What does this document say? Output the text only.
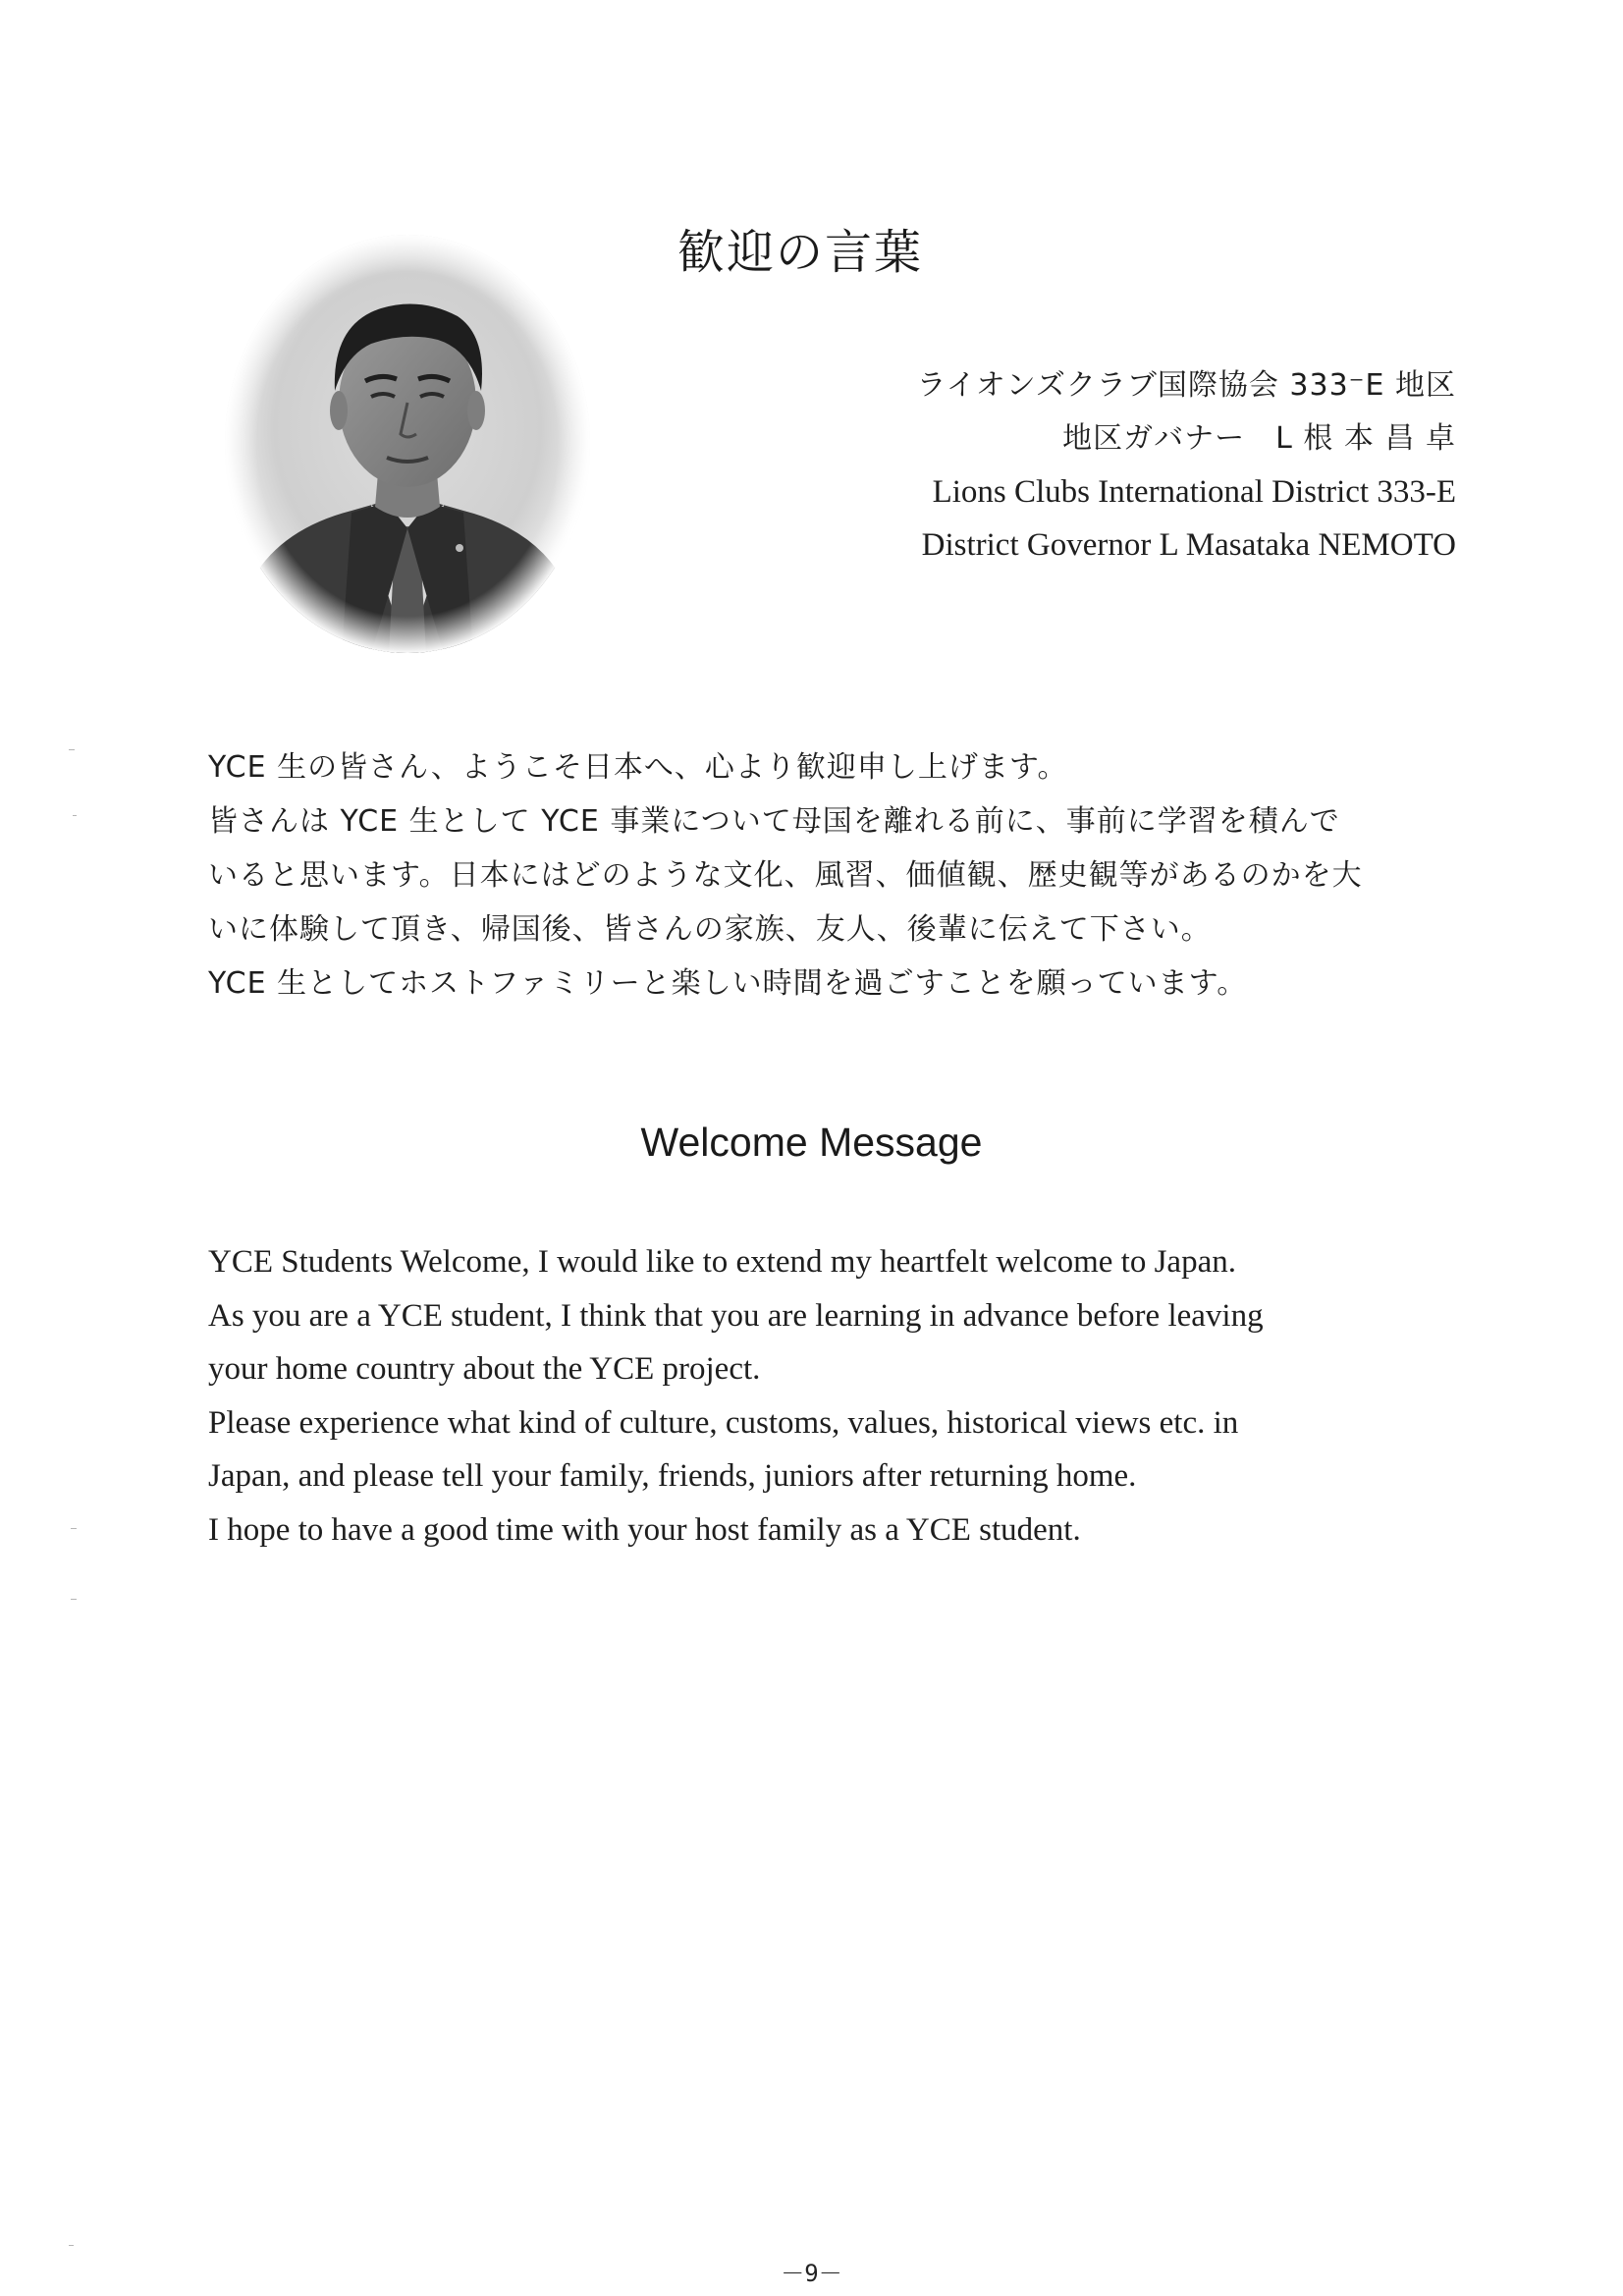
歓迎の言葉
ライオンズクラブ国際協会 333⁻E 地区
地区ガバナー　L 根 本 昌 卓
Lions Clubs International District 333-E
District Governor L Masataka NEMOTO
YCE 生の皆さん、ようこそ日本へ、心より歓迎申し上げます。
皆さんは YCE 生として YCE 事業について母国を離れる前に、事前に学習を積んで
いると思います。日本にはどのような文化、風習、価値観、歴史観等があるのかを大
いに体験して頂き、帰国後、皆さんの家族、友人、後輩に伝えて下さい。
YCE 生としてホストファミリーと楽しい時間を過ごすことを願っています。
Welcome Message
YCE Students Welcome, I would like to extend my heartfelt welcome to Japan.
As you are a YCE student, I think that you are learning in advance before leaving
your home country about the YCE project.
Please experience what kind of culture, customs, values, historical views etc. in
Japan, and please tell your family, friends, juniors after returning home.
I hope to have a good time with your host family as a YCE student.
－9－
